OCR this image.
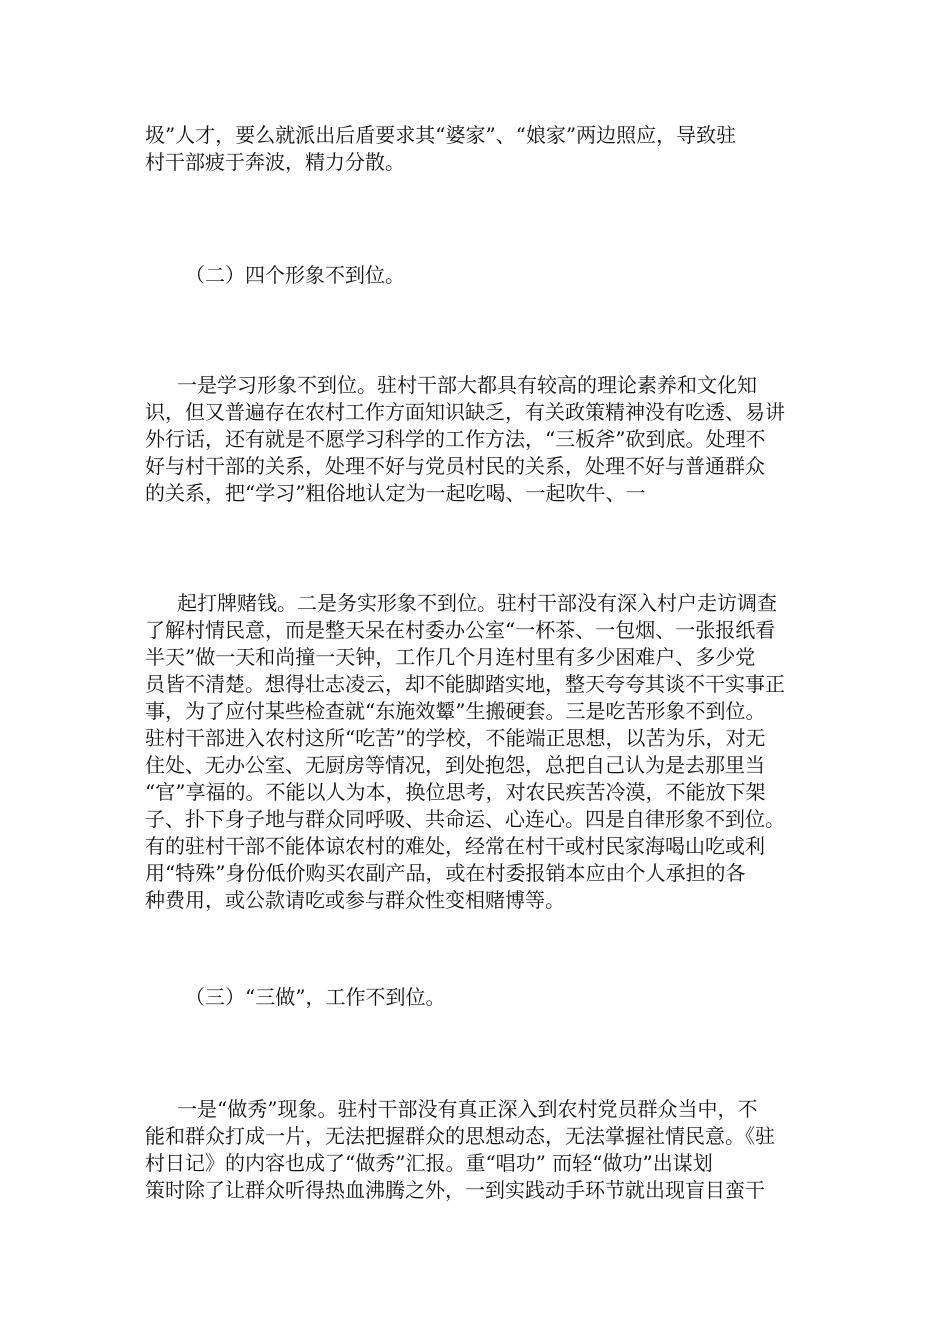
圾”人才，要么就派出后盾要求其“婆家”、“娘家”两边照应，导致驻
村干部疲于奔波，精力分散。
（二）四个形象不到位。
一是学习形象不到位。驻村干部大都具有较高的理论素养和文化知
识，但又普遍存在农村工作方面知识缺乏，有关政策精神没有吃透、易讲
外行话，还有就是不愿学习科学的工作方法，“三板斧”砍到底。处理不
好与村干部的关系，处理不好与党员村民的关系，处理不好与普通群众
的关系，把“学习”粗俗地认定为一起吃喝、一起吹牛、一
起打牌赌钱。二是务实形象不到位。驻村干部没有深入村户走访调查
了解村情民意，而是整天呆在村委办公室“一杯茶、一包烟、一张报纸看
半天”做一天和尚撞一天钟，工作几个月连村里有多少困难户、多少党
员皆不清楚。想得壮志凌云，却不能脚踏实地，整天夸夸其谈不干实事正
事，为了应付某些检查就“东施效颦”生搬硬套。三是吃苦形象不到位。
驻村干部进入农村这所“吃苦”的学校，不能端正思想，以苦为乐，对无
住处、无办公室、无厨房等情况，到处抱怨，总把自己认为是去那里当
“官”享福的。不能以人为本，换位思考，对农民疾苦冷漠，不能放下架
子、扑下身子地与群众同呼吸、共命运、心连心。四是自律形象不到位。
有的驻村干部不能体谅农村的难处，经常在村干或村民家海喝山吃或利
用“特殊”身份低价购买农副产品，或在村委报销本应由个人承担的各
种费用，或公款请吃或参与群众性变相赌博等。
（三）“三做”，工作不到位。
一是“做秀”现象。驻村干部没有真正深入到农村党员群众当中，不
能和群众打成一片，无法把握群众的思想动态，无法掌握社情民意。《驻
村日记》的内容也成了“做秀”汇报。重“唱功” 而轻“做功”出谋划
策时除了让群众听得热血沸腾之外，一到实践动手环节就出现盲目蛮干
